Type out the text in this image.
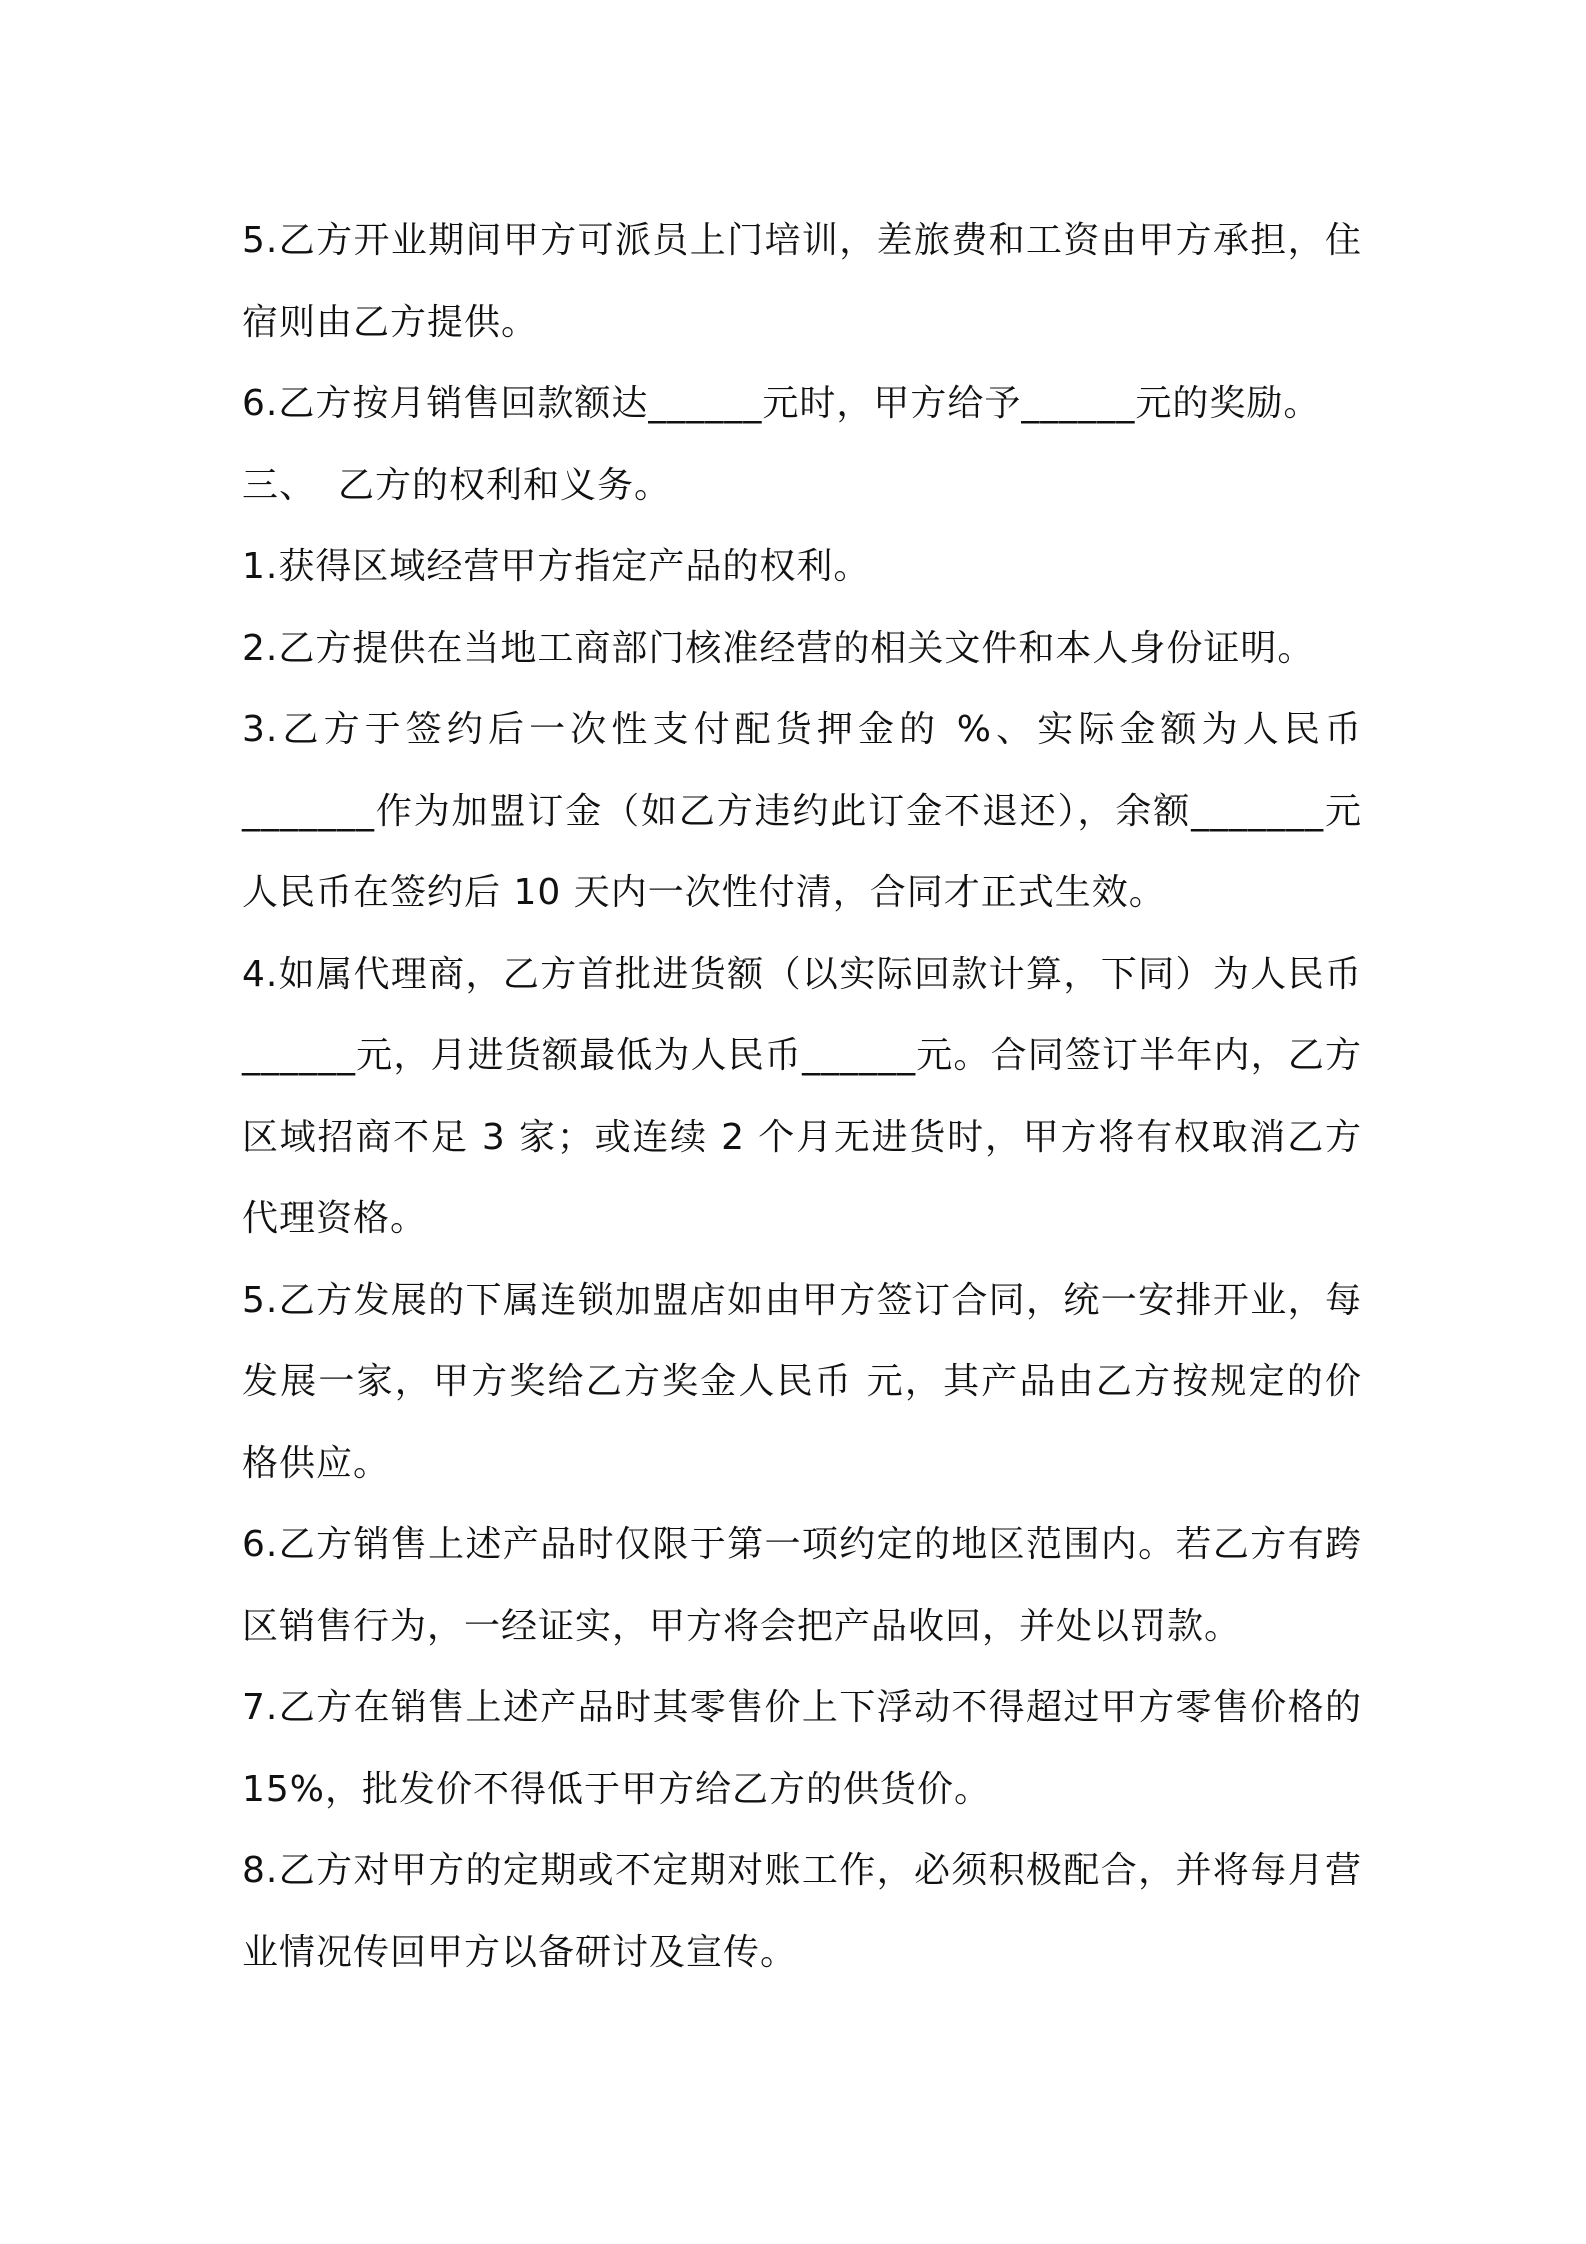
5.乙方开业期间甲方可派员上门培训，差旅费和工资由甲方承担，住宿则由乙方提供。

6.乙方按月销售回款额达______元时，甲方给予______元的奖励。

三、 乙方的权利和义务。

1.获得区域经营甲方指定产品的权利。

2.乙方提供在当地工商部门核准经营的相关文件和本人身份证明。

3.乙方于签约后一次性支付配货押金的 %、实际金额为人民币_______作为加盟订金（如乙方违约此订金不退还），余额_______元人民币在签约后 10 天内一次性付清，合同才正式生效。

4.如属代理商，乙方首批进货额（以实际回款计算，下同）为人民币______元，月进货额最低为人民币______元。合同签订半年内，乙方区域招商不足 3 家；或连续 2 个月无进货时，甲方将有权取消乙方代理资格。

5.乙方发展的下属连锁加盟店如由甲方签订合同，统一安排开业，每发展一家，甲方奖给乙方奖金人民币 元，其产品由乙方按规定的价格供应。

6.乙方销售上述产品时仅限于第一项约定的地区范围内。若乙方有跨区销售行为，一经证实，甲方将会把产品收回，并处以罚款。

7.乙方在销售上述产品时其零售价上下浮动不得超过甲方零售价格的 15%，批发价不得低于甲方给乙方的供货价。

8.乙方对甲方的定期或不定期对账工作，必须积极配合，并将每月营业情况传回甲方以备研讨及宣传。
